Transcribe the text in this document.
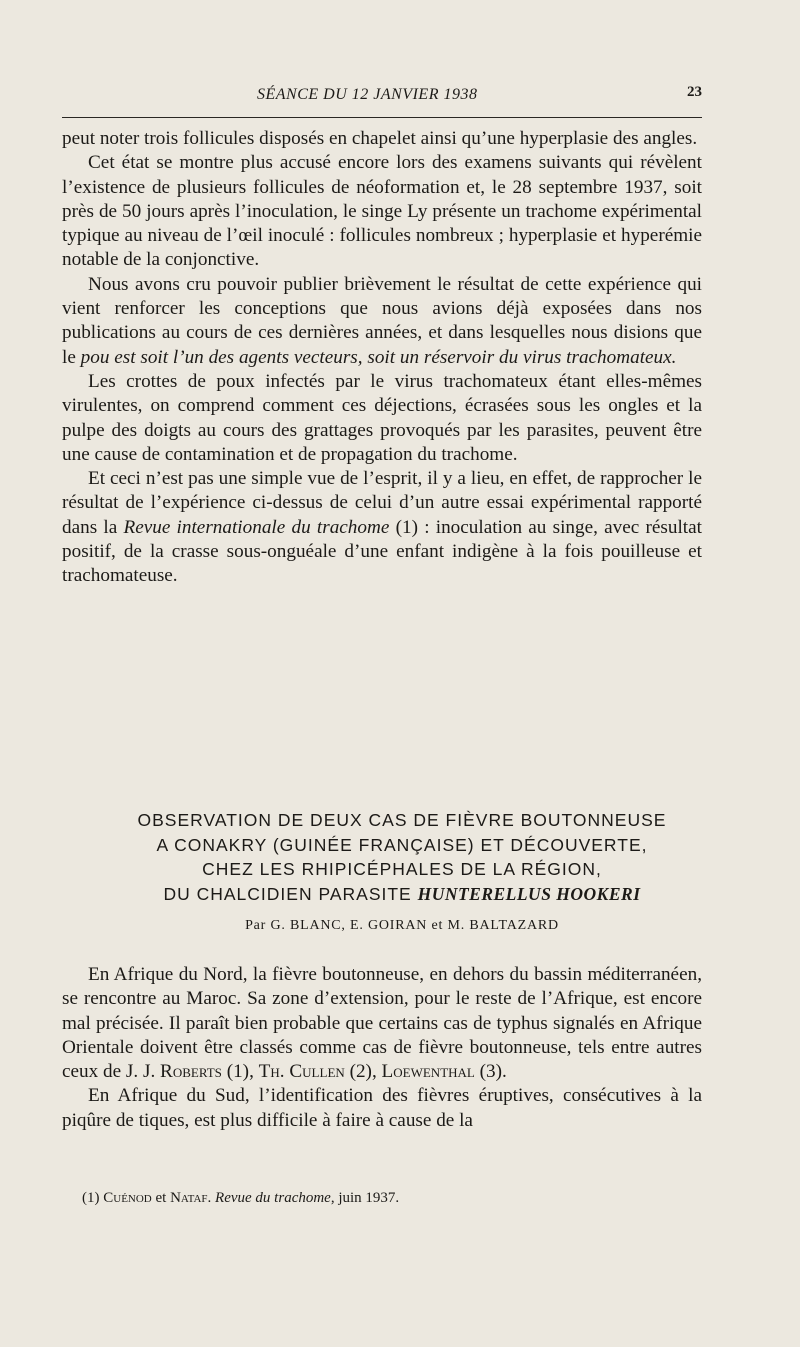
SÉANCE DU 12 JANVIER 1938	23

peut noter trois follicules disposés en chapelet ainsi qu’une hyperplasie des angles.

Cet état se montre plus accusé encore lors des examens suivants qui révèlent l’existence de plusieurs follicules de néoformation et, le 28 septembre 1937, soit près de 50 jours après l’inoculation, le singe Ly présente un trachome expérimental typique au niveau de l’œil inoculé : follicules nombreux ; hyperplasie et hyperémie notable de la conjonctive.

Nous avons cru pouvoir publier brièvement le résultat de cette expérience qui vient renforcer les conceptions que nous avions déjà exposées dans nos publications au cours de ces dernières années, et dans lesquelles nous disions que le pou est soit l’un des agents vecteurs, soit un réservoir du virus trachomateux.

Les crottes de poux infectés par le virus trachomateux étant elles-mêmes virulentes, on comprend comment ces déjections, écrasées sous les ongles et la pulpe des doigts au cours des grattages provoqués par les parasites, peuvent être une cause de contamination et de propagation du trachome.

Et ceci n’est pas une simple vue de l’esprit, il y a lieu, en effet, de rapprocher le résultat de l’expérience ci-dessus de celui d’un autre essai expérimental rapporté dans la Revue internationale du trachome (1) : inoculation au singe, avec résultat positif, de la crasse sous-onguéale d’une enfant indigène à la fois pouilleuse et trachomateuse.

OBSERVATION DE DEUX CAS DE FIÈVRE BOUTONNEUSE
A CONAKRY (GUINÉE FRANÇAISE) ET DÉCOUVERTE,
CHEZ LES RHIPICÉPHALES DE LA RÉGION,
DU CHALCIDIEN PARASITE HUNTERELLUS HOOKERI
Par G. BLANC, E. GOIRAN et M. BALTAZARD

En Afrique du Nord, la fièvre boutonneuse, en dehors du bassin méditerranéen, se rencontre au Maroc. Sa zone d’extension, pour le reste de l’Afrique, est encore mal précisée. Il paraît bien probable que certains cas de typhus signalés en Afrique Orientale doivent être classés comme cas de fièvre boutonneuse, tels entre autres ceux de J. J. Roberts (1), Th. Cullen (2), Loewenthal (3).

En Afrique du Sud, l’identification des fièvres éruptives, consécutives à la piqûre de tiques, est plus difficile à faire à cause de la

(1) Cuénod et Nataf. Revue du trachome, juin 1937.
